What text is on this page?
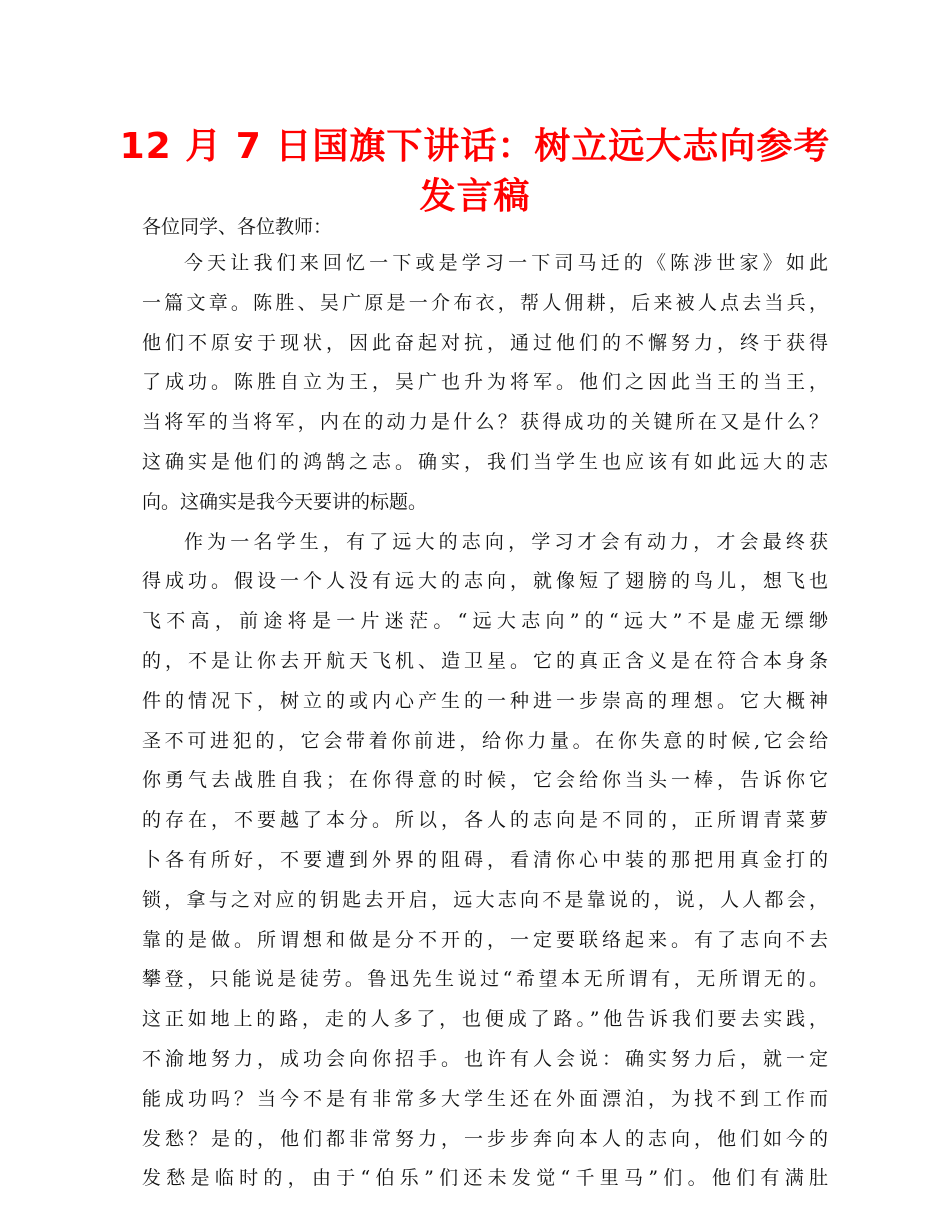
12 月 7 日国旗下讲话：树立远大志向参考
发言稿
各位同学、各位教师：
今天让我们来回忆一下或是学习一下司马迁的《陈涉世家》如此
一篇文章。陈胜、吴广原是一介布衣，帮人佣耕，后来被人点去当兵，
他们不原安于现状，因此奋起对抗，通过他们的不懈努力，终于获得
了成功。陈胜自立为王，吴广也升为将军。他们之因此当王的当王，
当将军的当将军，内在的动力是什么？获得成功的关键所在又是什么？
这确实是他们的鸿鹄之志。确实，我们当学生也应该有如此远大的志
向。这确实是我今天要讲的标题。
作为一名学生，有了远大的志向，学习才会有动力，才会最终获
得成功。假设一个人没有远大的志向，就像短了翅膀的鸟儿，想飞也
飞不高，前途将是一片迷茫。“远大志向”的“远大”不是虚无缥缈
的，不是让你去开航天飞机、造卫星。它的真正含义是在符合本身条
件的情况下，树立的或内心产生的一种进一步崇高的理想。它大概神
圣不可进犯的，它会带着你前进，给你力量。在你失意的时候,它会给
你勇气去战胜自我；在你得意的时候，它会给你当头一棒，告诉你它
的存在，不要越了本分。所以，各人的志向是不同的，正所谓青菜萝
卜各有所好，不要遭到外界的阻碍，看清你心中装的那把用真金打的
锁，拿与之对应的钥匙去开启，远大志向不是靠说的，说，人人都会，
靠的是做。所谓想和做是分不开的，一定要联络起来。有了志向不去
攀登，只能说是徒劳。鲁迅先生说过“希望本无所谓有，无所谓无的。
这正如地上的路，走的人多了，也便成了路。”他告诉我们要去实践，
不渝地努力，成功会向你招手。也许有人会说：确实努力后，就一定
能成功吗？当今不是有非常多大学生还在外面漂泊，为找不到工作而
发愁？是的，他们都非常努力，一步步奔向本人的志向，他们如今的
发愁是临时的，由于“伯乐”们还未发觉“千里马”们。他们有满肚
